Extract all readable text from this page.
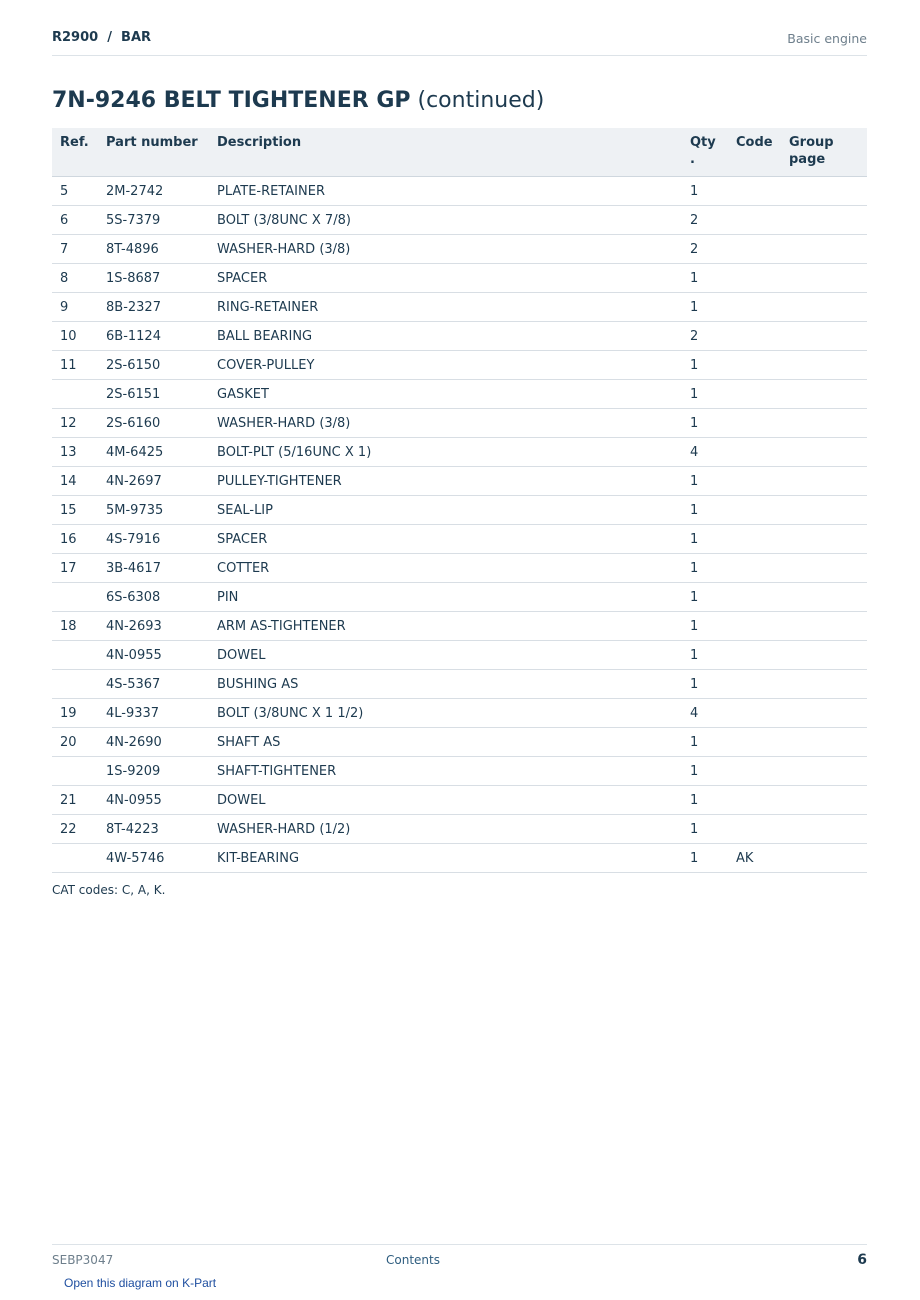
R2900  /  BAR	Basic engine
7N-9246 BELT TIGHTENER GP (continued)
Ref.	Part number	Description	Qty .	Code	Group page
5	2M-2742	PLATE-RETAINER	1		
6	5S-7379	BOLT (3/8UNC X 7/8)	2		
7	8T-4896	WASHER-HARD (3/8)	2		
8	1S-8687	SPACER	1		
9	8B-2327	RING-RETAINER	1		
10	6B-1124	BALL BEARING	2		
11	2S-6150	COVER-PULLEY	1		
	2S-6151	GASKET	1		
12	2S-6160	WASHER-HARD (3/8)	1		
13	4M-6425	BOLT-PLT (5/16UNC X 1)	4		
14	4N-2697	PULLEY-TIGHTENER	1		
15	5M-9735	SEAL-LIP	1		
16	4S-7916	SPACER	1		
17	3B-4617	COTTER	1		
	6S-6308	PIN	1		
18	4N-2693	ARM AS-TIGHTENER	1		
	4N-0955	DOWEL	1		
	4S-5367	BUSHING AS	1		
19	4L-9337	BOLT (3/8UNC X 1 1/2)	4		
20	4N-2690	SHAFT AS	1		
	1S-9209	SHAFT-TIGHTENER	1		
21	4N-0955	DOWEL	1		
22	8T-4223	WASHER-HARD (1/2)	1		
	4W-5746	KIT-BEARING	1	AK	
CAT codes: C, A, K.
SEBP3047	Contents	6
Open this diagram on K-Part
